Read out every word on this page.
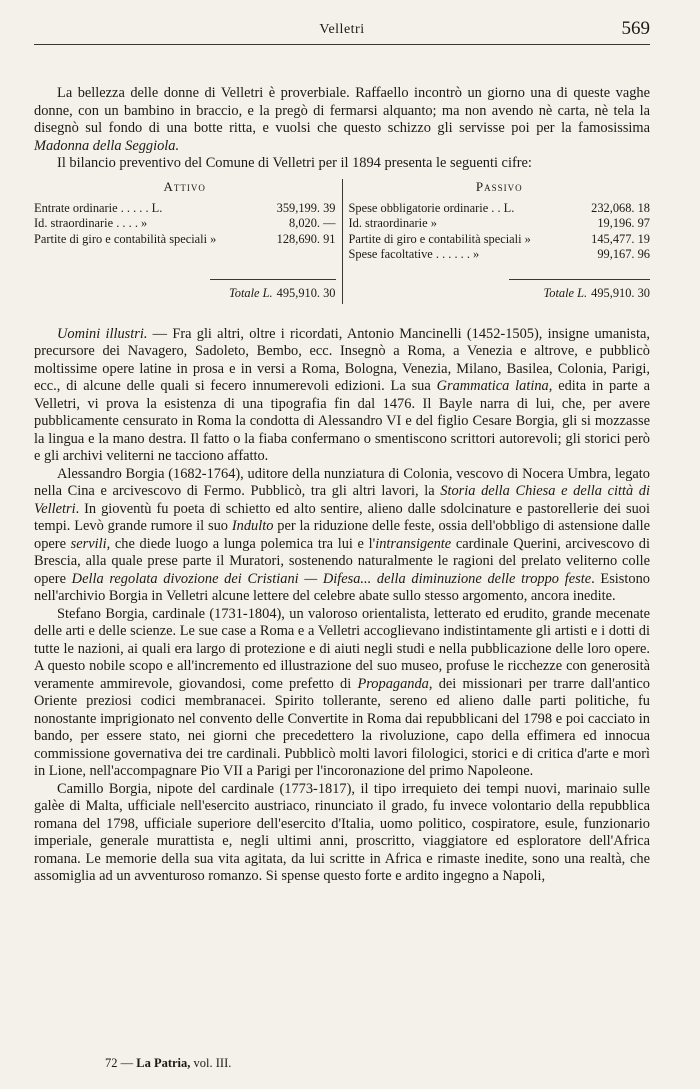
Velletri	569

La bellezza delle donne di Velletri è proverbiale. Raffaello incontrò un giorno una di queste vaghe donne, con un bambino in braccio, e la pregò di fermarsi alquanto; ma non avendo nè carta, nè tela la disegnò sul fondo di una botte ritta, e vuolsi che questo schizzo gli servisse poi per la famosissima Madonna della Seggiola.

Il bilancio preventivo del Comune di Velletri per il 1894 presenta le seguenti cifre:

Attivo
Entrate ordinarie . . . . . L.	359,199. 39
Id. straordinarie . . . . »	8,020. —
Partite di giro e contabilità speciali »	128,690. 91
Totale L. 495,910. 30
Passivo
Spese obbligatorie ordinarie . . L.	232,068. 18
Id. straordinarie »	19,196. 97
Partite di giro e contabilità speciali »	145,477. 19
Spese facoltative . . . . . . »	99,167. 96
Totale L. 495,910. 30

Uomini illustri. — Fra gli altri, oltre i ricordati, Antonio Mancinelli (1452-1505), insigne umanista, precursore dei Navagero, Sadoleto, Bembo, ecc. Insegnò a Roma, a Venezia e altrove, e pubblicò moltissime opere latine in prosa e in versi a Roma, Bologna, Venezia, Milano, Basilea, Colonia, Parigi, ecc., di alcune delle quali si fecero innumerevoli edizioni. La sua Grammatica latina, edita in parte a Velletri, vi prova la esistenza di una tipografia fin dal 1476. Il Bayle narra di lui, che, per avere pubblicamente censurato in Roma la condotta di Alessandro VI e del figlio Cesare Borgia, gli si mozzasse la lingua e la mano destra. Il fatto o la fiaba confermano o smentiscono scrittori autorevoli; gli storici però e gli archivi veliterni ne tacciono affatto.

Alessandro Borgia (1682-1764), uditore della nunziatura di Colonia, vescovo di Nocera Umbra, legato nella Cina e arcivescovo di Fermo. Pubblicò, tra gli altri lavori, la Storia della Chiesa e della città di Velletri. In gioventù fu poeta di schietto ed alto sentire, alieno dalle sdolcinature e pastorellerie dei suoi tempi. Levò grande rumore il suo Indulto per la riduzione delle feste, ossia dell'obbligo di astensione dalle opere servili, che diede luogo a lunga polemica tra lui e l'intransigente cardinale Querini, arcivescovo di Brescia, alla quale prese parte il Muratori, sostenendo naturalmente le ragioni del prelato veliterno colle opere Della regolata divozione dei Cristiani — Difesa... della diminuzione delle troppo feste. Esistono nell'archivio Borgia in Velletri alcune lettere del celebre abate sullo stesso argomento, ancora inedite.

Stefano Borgia, cardinale (1731-1804), un valoroso orientalista, letterato ed erudito, grande mecenate delle arti e delle scienze. Le sue case a Roma e a Velletri accoglievano indistintamente gli artisti e i dotti di tutte le nazioni, ai quali era largo di protezione e di aiuti negli studi e nella pubblicazione delle loro opere. A questo nobile scopo e all'incremento ed illustrazione del suo museo, profuse le ricchezze con generosità veramente ammirevole, giovandosi, come prefetto di Propaganda, dei missionari per trarre dall'antico Oriente preziosi codici membranacei. Spirito tollerante, sereno ed alieno dalle parti politiche, fu nonostante imprigionato nel convento delle Convertite in Roma dai repubblicani del 1798 e poi cacciato in bando, per essere stato, nei giorni che precedettero la rivoluzione, capo della effimera ed innocua commissione governativa dei tre cardinali. Pubblicò molti lavori filologici, storici e di critica d'arte e morì in Lione, nell'accompagnare Pio VII a Parigi per l'incoronazione del primo Napoleone.

Camillo Borgia, nipote del cardinale (1773-1817), il tipo irrequieto dei tempi nuovi, marinaio sulle galèe di Malta, ufficiale nell'esercito austriaco, rinunciato il grado, fu invece volontario della repubblica romana del 1798, ufficiale superiore dell'esercito d'Italia, uomo politico, cospiratore, esule, funzionario imperiale, generale murattista e, negli ultimi anni, proscritto, viaggiatore ed esploratore dell'Africa romana. Le memorie della sua vita agitata, da lui scritte in Africa e rimaste inedite, sono una realtà, che assomiglia ad un avventuroso romanzo. Si spense questo forte e ardito ingegno a Napoli,

72 — La Patria, vol. III.
